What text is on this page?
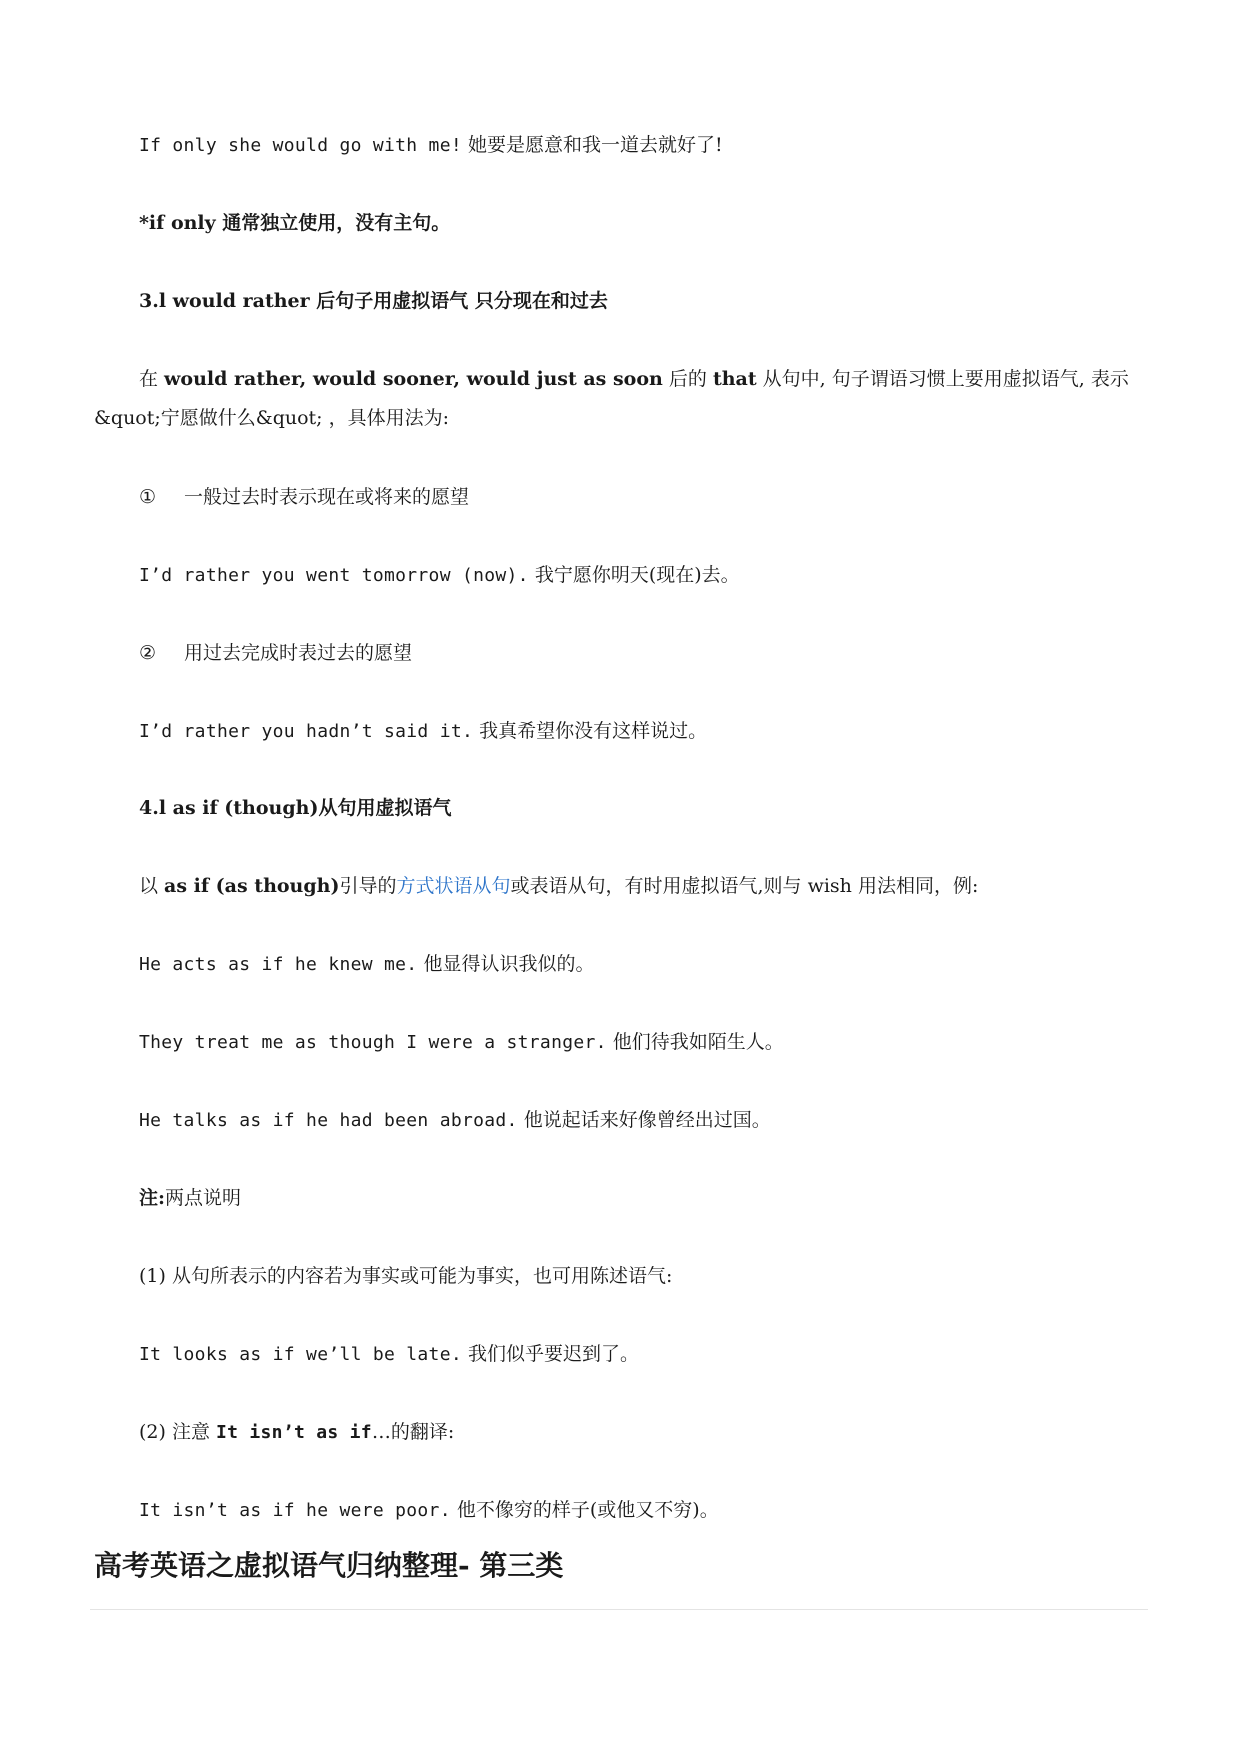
If only she would go with me! 她要是愿意和我一道去就好了!
*if only 通常独立使用，没有主句。
3.l would rather 后句子用虚拟语气 只分现在和过去
在 would rather, would sooner, would just as soon 后的 that 从句中, 句子谓语习惯上要用虚拟语气, 表示&quot;宁愿做什么&quot; ，具体用法为:
① 一般过去时表示现在或将来的愿望
I’d rather you went tomorrow (now). 我宁愿你明天(现在)去。
② 用过去完成时表过去的愿望
I’d rather you hadn’t said it. 我真希望你没有这样说过。
4.l as if (though)从句用虚拟语气
以 as if (as though)引导的方式状语从句或表语从句，有时用虚拟语气,则与 wish 用法相同，例:
He acts as if he knew me. 他显得认识我似的。
They treat me as though I were a stranger. 他们待我如陌生人。
He talks as if he had been abroad. 他说起话来好像曾经出过国。
注:两点说明
(1) 从句所表示的内容若为事实或可能为事实，也可用陈述语气:
It looks as if we’ll be late. 我们似乎要迟到了。
(2) 注意 It isn’t as if…的翻译:
It isn’t as if he were poor. 他不像穷的样子(或他又不穷)。
高考英语之虚拟语气归纳整理- 第三类
